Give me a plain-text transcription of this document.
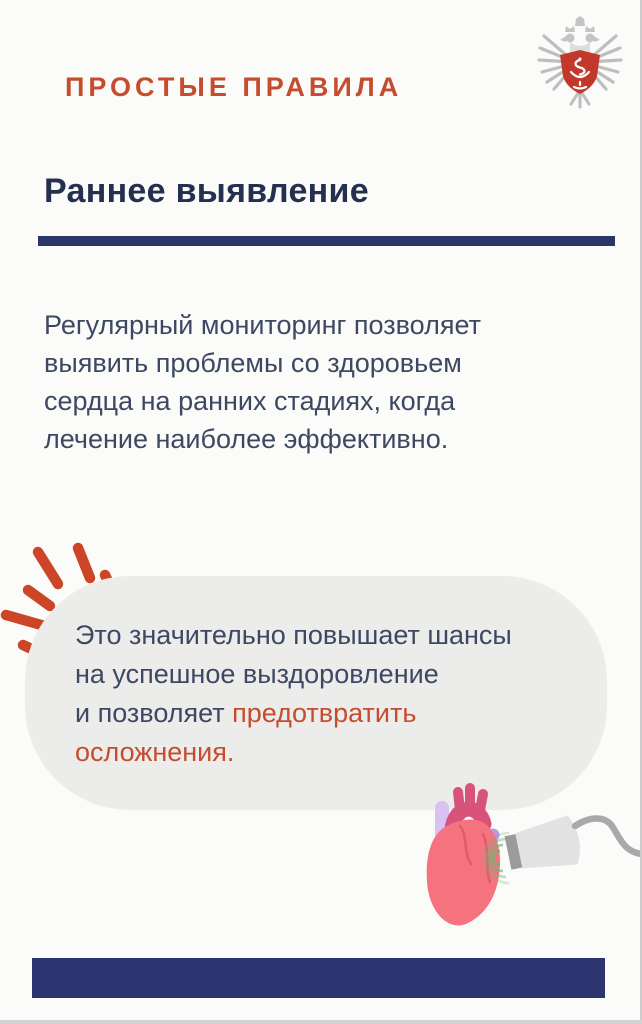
ПРОСТЫЕ ПРАВИЛА
Раннее выявление
Регулярный мониторинг позволяет
выявить проблемы со здоровьем
сердца на ранних стадиях, когда
лечение наиболее эффективно.
Это значительно повышает шансы
на успешное выздоровление
и позволяет предотвратить
осложнения.
